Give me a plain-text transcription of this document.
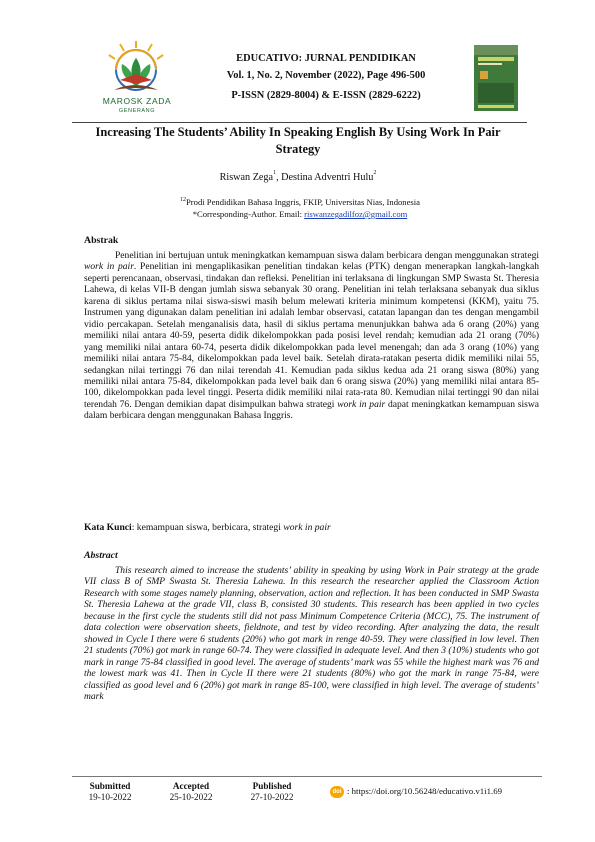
MAROSK ZADA
GENERANG
EDUCATIVO: JURNAL PENDIDIKAN
Vol. 1, No. 2, November (2022), Page 496-500
P-ISSN (2829-8004) & E-ISSN (2829-6222)
Increasing The Students’ Ability In Speaking English By Using Work In Pair Strategy
Riswan Zega$^1$, Destina Adventri Hulu$^2$
$^{12}$Prodi Pendidikan Bahasa Inggris, FKIP, Universitas Nias, Indonesia
*Corresponding-Author. Email: riswanzegadilfoz@gmail.com
Abstrak
Penelitian ini bertujuan untuk meningkatkan kemampuan siswa dalam berbicara dengan menggunakan strategi work in pair. Penelitian ini mengaplikasikan penelitian tindakan kelas (PTK) dengan menerapkan langkah-langkah seperti perencanaan, observasi, tindakan dan refleksi. Penelitian ini terlaksana di lingkungan SMP Swasta St. Theresia Lahewa, di kelas VII-B dengan jumlah siswa sebanyak 30 orang. Penelitian ini telah terlaksana sebanyak dua siklus karena di siklus pertama nilai siswa-siswi masih belum melewati kriteria minimum kompetensi (KKM), yaitu 75. Instrumen yang digunakan dalam penelitian ini adalah lembar observasi, catatan lapangan dan tes dengan mengambil vidio percakapan. Setelah menganalisis data, hasil di siklus pertama menunjukkan bahwa ada 6 orang (20%) yang memiliki nilai antara 40-59, peserta didik dikelompokkan pada posisi level rendah; kemudian ada 21 orang (70%) yang memiliki nilai antara 60-74, peserta didik dikelompokkan pada level menengah; dan ada 3 orang (10%) yang memiliki nilai antara 75-84, dikelompokkan pada level baik. Setelah dirata-ratakan peserta didik memiliki nilai 55, sedangkan nilai tertinggi 76 dan nilai terendah 41. Kemudian pada siklus kedua ada 21 orang siswa (80%) yang memiliki nilai antara 75-84, dikelompokkan pada level baik dan 6 orang siswa (20%) yang memiliki nilai antara 85-100, dikelompokkan pada level tinggi. Peserta didik memiliki nilai rata-rata 80. Kemudian nilai tertinggi 90 dan nilai terendah 76. Dengan demikian dapat disimpulkan bahwa strategi work in pair dapat meningkatkan kemampuan siswa dalam berbicara dengan menggunakan Bahasa Inggris.
Kata Kunci: kemampuan siswa, berbicara, strategi work in pair
Abstract
This research aimed to increase the students’ ability in speaking by using Work in Pair strategy at the grade VII class B of SMP Swasta St. Theresia Lahewa. In this research the researcher applied the Classroom Action Research with some stages namely planning, observation, action and reflection. It has been conducted in SMP Swasta St. Theresia Lahewa at the grade VII, class B, consisted 30 students. This research has been applied in two cycles because in the first cycle the students still did not pass Minimum Competence Criteria (MCC), 75. The instrument of data colection were observation sheets, fieldnote, and test by video recording. After analyzing the data, the result showed in Cycle I there were 6 students (20%) who got mark in renge 40-59. They were classified in low level. Then 21 students (70%) got mark in range 60-74. They were classified in adequate level. And then 3 (10%) students who got mark in range 75-84 classified in good level. The average of students’ mark was 55 while the highest mark was 76 and the lowest mark was 41. Then in Cycle II there were 21 students (80%) who got the mark in range 75-84, were classified as good level and 6 (20%) got mark in range 85-100, were classified in high level. The average of students’ mark
Submitted
19-10-2022
Accepted
25-10-2022
Published
27-10-2022	doi : https://doi.org/10.56248/educativo.v1i1.69
